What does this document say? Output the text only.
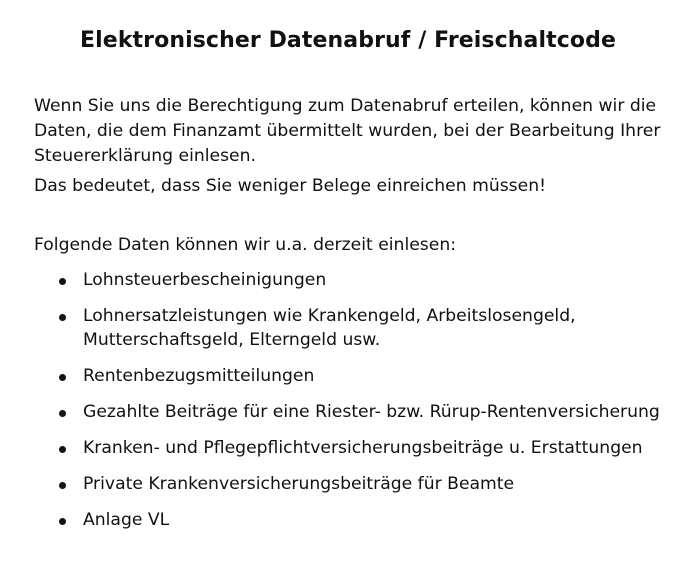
Elektronischer Datenabruf / Freischaltcode

Wenn Sie uns die Berechtigung zum Datenabruf erteilen, können wir die Daten, die dem Finanzamt übermittelt wurden, bei der Bearbeitung Ihrer Steuererklärung einlesen.

Das bedeutet, dass Sie weniger Belege einreichen müssen!

Folgende Daten können wir u.a. derzeit einlesen:

Lohnsteuerbescheinigungen
Lohnersatzleistungen wie Krankengeld, Arbeitslosengeld, Mutterschaftsgeld, Elterngeld usw.
Rentenbezugsmitteilungen
Gezahlte Beiträge für eine Riester- bzw. Rürup-Rentenversicherung
Kranken- und Pflegepflichtversicherungsbeiträge u. Erstattungen
Private Krankenversicherungsbeiträge für Beamte
Anlage VL
